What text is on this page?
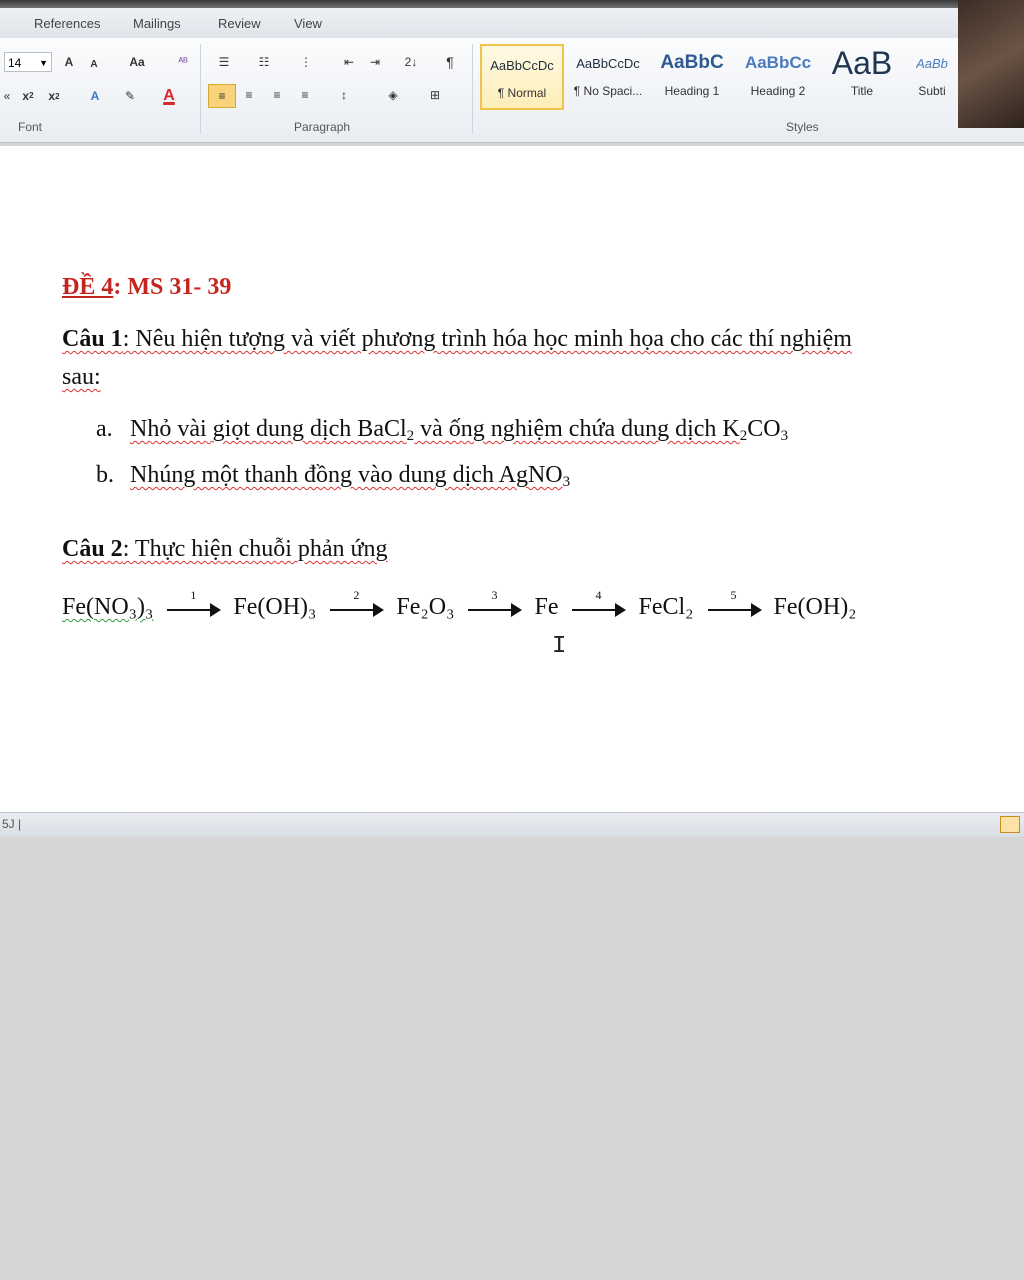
References	Mailings	Review	View
14 ▼	A	A	Aa	ᴬᴮ
«	x 2 x 2	A	✎	A
Font
☰	☷	⋮	⇤	⇥	2↓	¶
≡	≡	≡	≡	↕	◈	⊞
Paragraph
AaBbCcDc
¶ Normal
AaBbCcDc
¶ No Spaci...
AaBbC
Heading 1
AaBbCc
Heading 2
AaB
Title
AaBb
Subti
Styles
ĐỀ 4: MS 31- 39
Câu 1: Nêu hiện tượng và viết phương trình hóa học minh họa cho các thí nghiệm
sau:
a. Nhỏ vài giọt dung dịch BaCl$_2$ và ống nghiệm chứa dung dịch $K_2CO_3$
b. Nhúng một thanh đồng vào dung dịch AgNO$_3$
Câu 2: Thực hiện chuỗi phản ứng
Fe(NO₃)₃	1	Fe(OH)₃	2	Fe₂O₃	3	Fe	4	FeCl₂	5	Fe(OH)₂
I
5J |
